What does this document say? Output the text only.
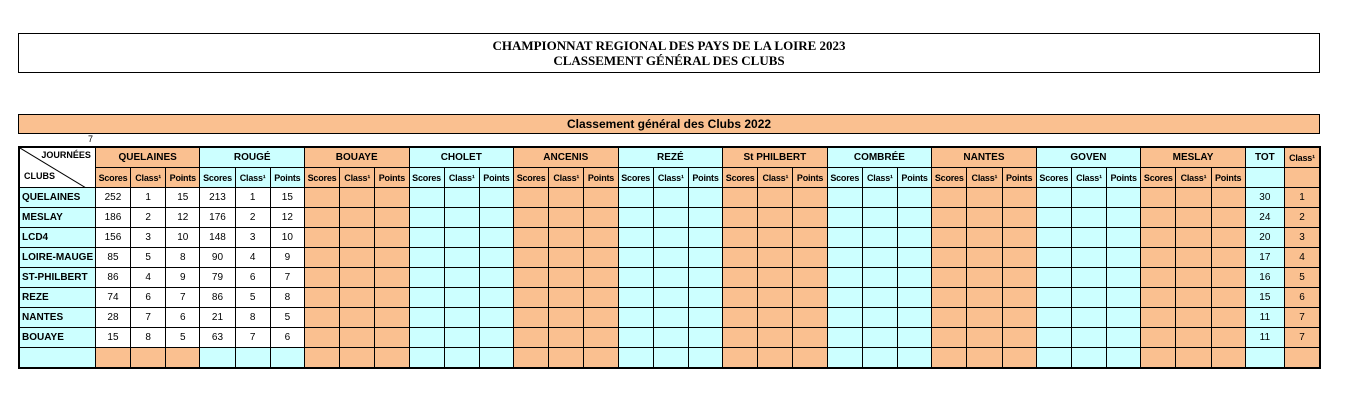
CHAMPIONNAT REGIONAL DES PAYS DE LA LOIRE 2023
CLASSEMENT GÉNÉRAL DES CLUBS
Classement général des Clubs 2022
7
JOURNÉES
CLUBS	QUELAINES			ROUGÉ			BOUAYE			CHOLET			ANCENIS			REZÉ			St PHILBERT			COMBRÉE			NANTES			GOVEN			MESLAY			TOT	Class¹
	Scores	Class¹	Points	Scores	Class¹	Points	Scores	Class¹	Points	Scores	Class¹	Points	Scores	Class¹	Points	Scores	Class¹	Points	Scores	Class¹	Points	Scores	Class¹	Points	Scores	Class¹	Points	Scores	Class¹	Points	Scores	Class¹	Points		
QUELAINES	252	1	15	213	1	15																												30	1
MESLAY	186	2	12	176	2	12																												24	2
LCD4	156	3	10	148	3	10																												20	3
LOIRE-MAUGE	85	5	8	90	4	9																												17	4
ST-PHILBERT	86	4	9	79	6	7																												16	5
REZE	74	6	7	86	5	8																												15	6
NANTES	28	7	6	21	8	5																												11	7
BOUAYE	15	8	5	63	7	6																												11	7
